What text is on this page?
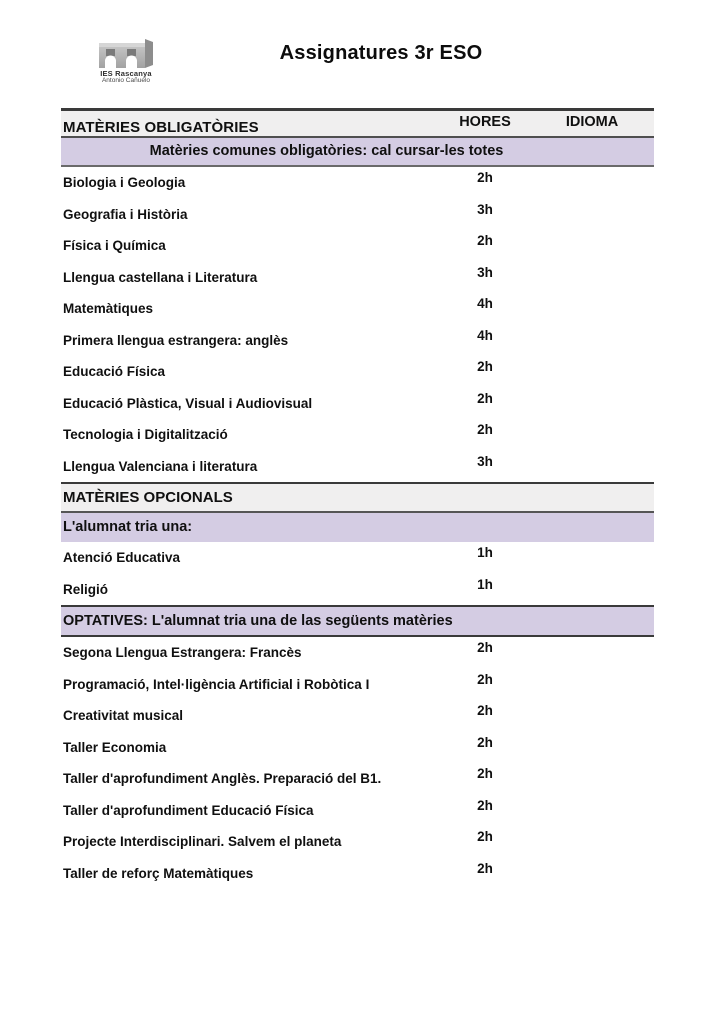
IES Rascanya
Antonio Cañuelo
Assignatures 3r ESO
MATÈRIES OBLIGATÒRIES	HORES	IDIOMA
Matèries comunes obligatòries: cal cursar-les totes
Biologia i Geologia	2h
Geografia i Història	3h
Física i Química	2h
Llengua castellana i Literatura	3h
Matemàtiques	4h
Primera llengua estrangera: anglès	4h
Educació Física	2h
Educació Plàstica, Visual i Audiovisual	2h
Tecnologia i Digitalització	2h
Llengua Valenciana i literatura	3h
MATÈRIES OPCIONALS
L'alumnat tria una:
Atenció Educativa	1h
Religió	1h
OPTATIVES: L'alumnat tria una de las següents matèries
Segona Llengua Estrangera: Francès	2h
Programació, Intel·ligència Artificial i Robòtica I	2h
Creativitat musical	2h
Taller Economia	2h
Taller d'aprofundiment Anglès. Preparació del B1.	2h
Taller d'aprofundiment Educació Física	2h
Projecte Interdisciplinari. Salvem el planeta	2h
Taller de reforç Matemàtiques	2h
